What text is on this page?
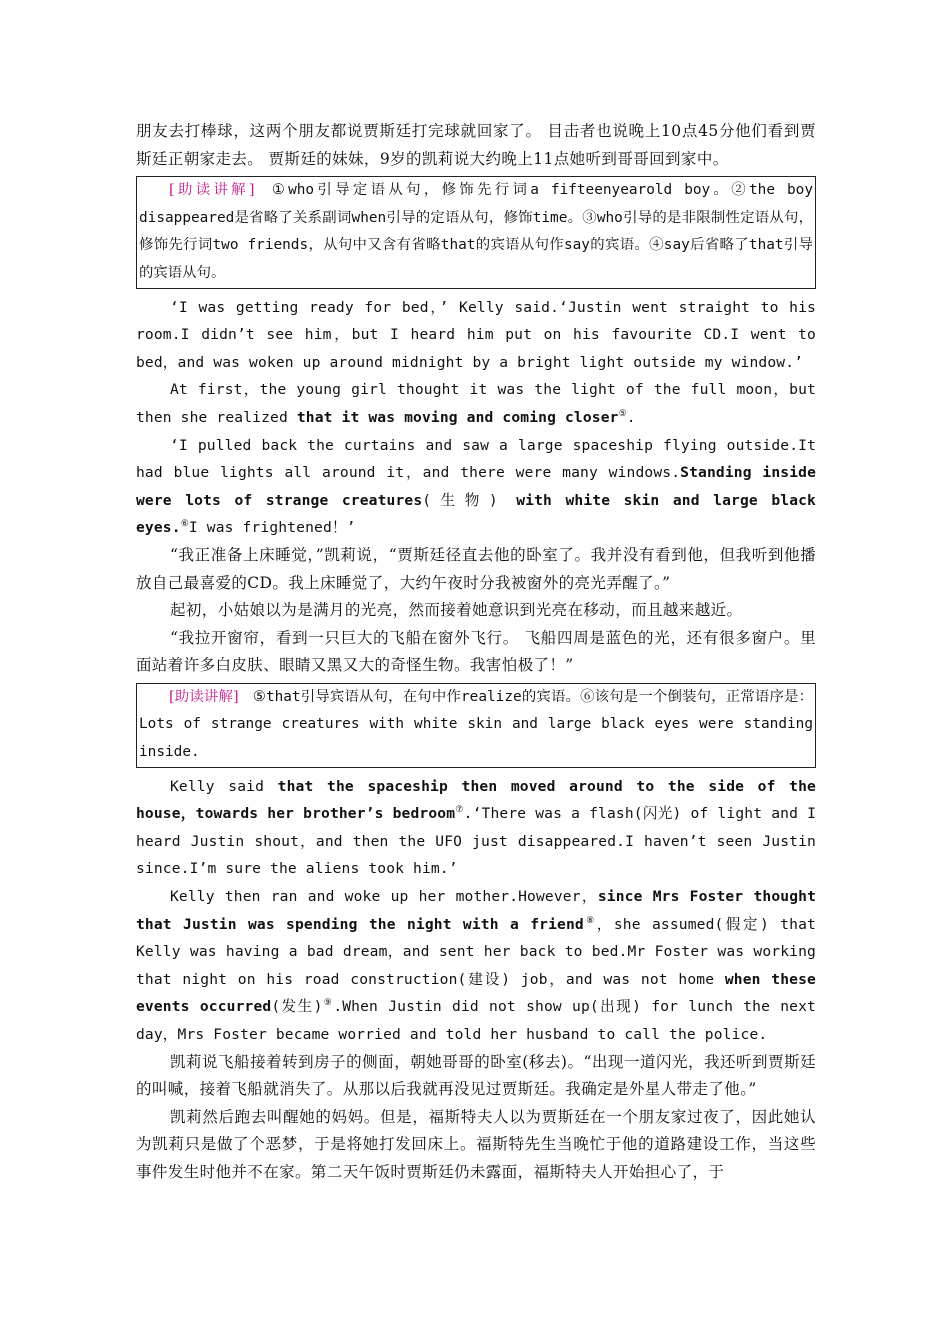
朋友去打棒球，这两个朋友都说贾斯廷打完球就回家了。 目击者也说晚上10点45分他们看到贾斯廷正朝家走去。 贾斯廷的妹妹，9岁的凯莉说大约晚上11点她听到哥哥回到家中。

[助读讲解] ①who引导定语从句，修饰先行词a fifteenyearold boy。②the boy disappeared是省略了关系副词when引导的定语从句，修饰time。③who引导的是非限制性定语从句，修饰先行词two friends，从句中又含有省略that的宾语从句作say的宾语。④say后省略了that引导的宾语从句。

‘I was getting ready for bed，’ Kelly said.‘Justin went straight to his room.I didn’t see him，but I heard him put on his favourite CD.I went to bed，and was woken up around midnight by a bright light outside my window.’

At first，the young girl thought it was the light of the full moon，but then she realized that it was moving and coming closer⑤.

‘I pulled back the curtains and saw a large spaceship flying outside.It had blue lights all around it，and there were many windows.Standing inside were lots of strange creatures(生物) with white skin and large black eyes.⑥I was frightened！’

“我正准备上床睡觉，”凯莉说，“贾斯廷径直去他的卧室了。我并没有看到他，但我听到他播放自己最喜爱的CD。我上床睡觉了，大约午夜时分我被窗外的亮光弄醒了。”

起初，小姑娘以为是满月的光亮，然而接着她意识到光亮在移动，而且越来越近。

“我拉开窗帘，看到一只巨大的飞船在窗外飞行。 飞船四周是蓝色的光，还有很多窗户。里面站着许多白皮肤、眼睛又黑又大的奇怪生物。我害怕极了！”

[助读讲解] ⑤that引导宾语从句，在句中作realize的宾语。⑥该句是一个倒装句，正常语序是：Lots of strange creatures with white skin and large black eyes were standing inside.

Kelly said that the spaceship then moved around to the side of the house，towards her brother’s bedroom⑦.‘There was a flash(闪光) of light and I heard Justin shout，and then the UFO just disappeared.I haven’t seen Justin since.I’m sure the aliens took him.’

Kelly then ran and woke up her mother.However，since Mrs Foster thought that Justin was spending the night with a friend⑧，she assumed(假定) that Kelly was having a bad dream，and sent her back to bed.Mr Foster was working that night on his road construction(建设) job，and was not home when these events occurred(发生)⑨.When Justin did not show up(出现) for lunch the next day，Mrs Foster became worried and told her husband to call the police.

凯莉说飞船接着转到房子的侧面，朝她哥哥的卧室(移去)。“出现一道闪光，我还听到贾斯廷的叫喊，接着飞船就消失了。从那以后我就再没见过贾斯廷。我确定是外星人带走了他。”

凯莉然后跑去叫醒她的妈妈。但是，福斯特夫人以为贾斯廷在一个朋友家过夜了，因此她认为凯莉只是做了个恶梦，于是将她打发回床上。福斯特先生当晚忙于他的道路建设工作，当这些事件发生时他并不在家。第二天午饭时贾斯廷仍未露面，福斯特夫人开始担心了，于
